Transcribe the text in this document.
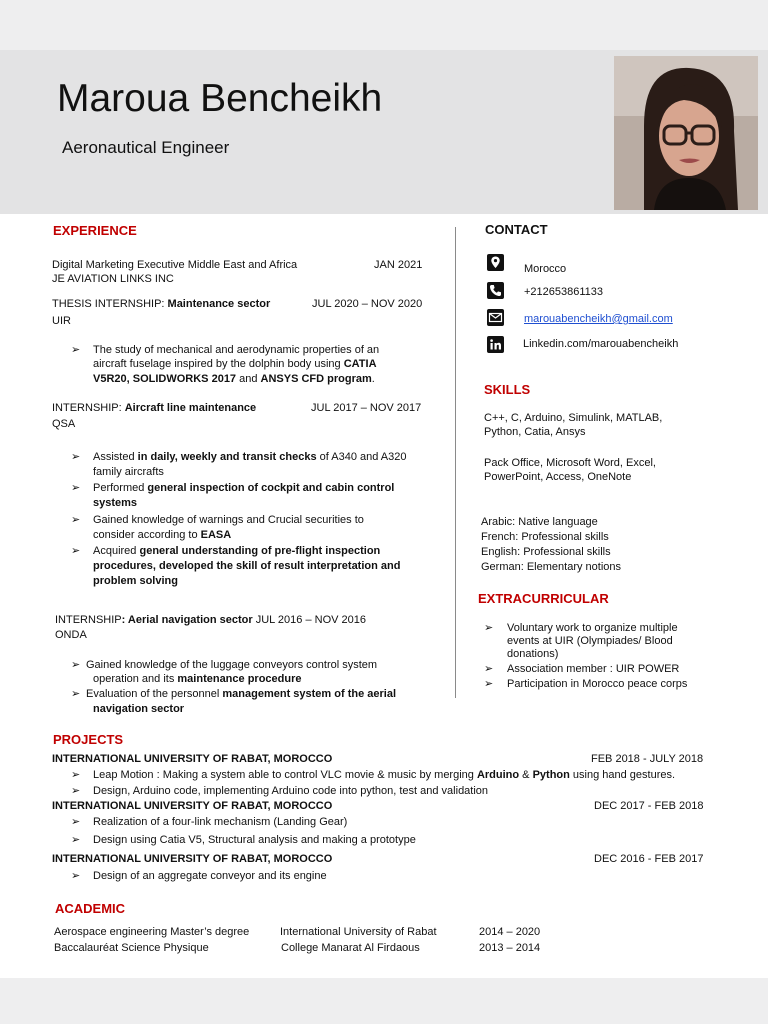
Maroua Bencheikh
Aeronautical Engineer
EXPERIENCE
Digital Marketing Executive Middle East and Africa	JAN 2021
JE AVIATION LINKS INC
THESIS INTERNSHIP: Maintenance sector	JUL 2020 – NOV 2020
UIR
➢ The study of mechanical and aerodynamic properties of an
aircraft fuselage inspired by the dolphin body using CATIA
V5R20, SOLIDWORKS 2017 and ANSYS CFD program.
INTERNSHIP: Aircraft line maintenance	JUL 2017 – NOV 2017
QSA
➢ Assisted in daily, weekly and transit checks of A340 and A320
family aircrafts
➢ Performed general inspection of cockpit and cabin control
systems
➢ Gained knowledge of warnings and Crucial securities to
consider according to EASA
➢ Acquired general understanding of pre-flight inspection
procedures, developed the skill of result interpretation and
problem solving
INTERNSHIP: Aerial navigation sector JUL 2016 – NOV 2016
ONDA
➢ Gained knowledge of the luggage conveyors control system
operation and its maintenance procedure
➢ Evaluation of the personnel management system of the aerial
navigation sector
CONTACT
Morocco
+212653861133
marouabencheikh@gmail.com
Linkedin.com/marouabencheikh
SKILLS
C++, C, Arduino, Simulink, MATLAB,
Python, Catia, Ansys
Pack Office, Microsoft Word, Excel,
PowerPoint, Access, OneNote
Arabic: Native language
French: Professional skills
English: Professional skills
German: Elementary notions
EXTRACURRICULAR
➢ Voluntary work to organize multiple
events at UIR (Olympiades/ Blood
donations)
➢ Association member : UIR POWER
➢ Participation in Morocco peace corps
PROJECTS
INTERNATIONAL UNIVERSITY OF RABAT, MOROCCO	FEB 2018 - JULY 2018
➢ Leap Motion : Making a system able to control VLC movie & music by merging Arduino & Python using hand gestures.
➢ Design, Arduino code, implementing Arduino code into python, test and validation
INTERNATIONAL UNIVERSITY OF RABAT, MOROCCO	DEC 2017 - FEB 2018
➢ Realization of a four-link mechanism (Landing Gear)
➢ Design using Catia V5, Structural analysis and making a prototype
INTERNATIONAL UNIVERSITY OF RABAT, MOROCCO	DEC 2016 - FEB 2017
➢ Design of an aggregate conveyor and its engine
ACADEMIC
Aerospace engineering Master’s degree	International University of Rabat	2014 – 2020
Baccalauréat Science Physique	College Manarat Al Firdaous	2013 – 2014
